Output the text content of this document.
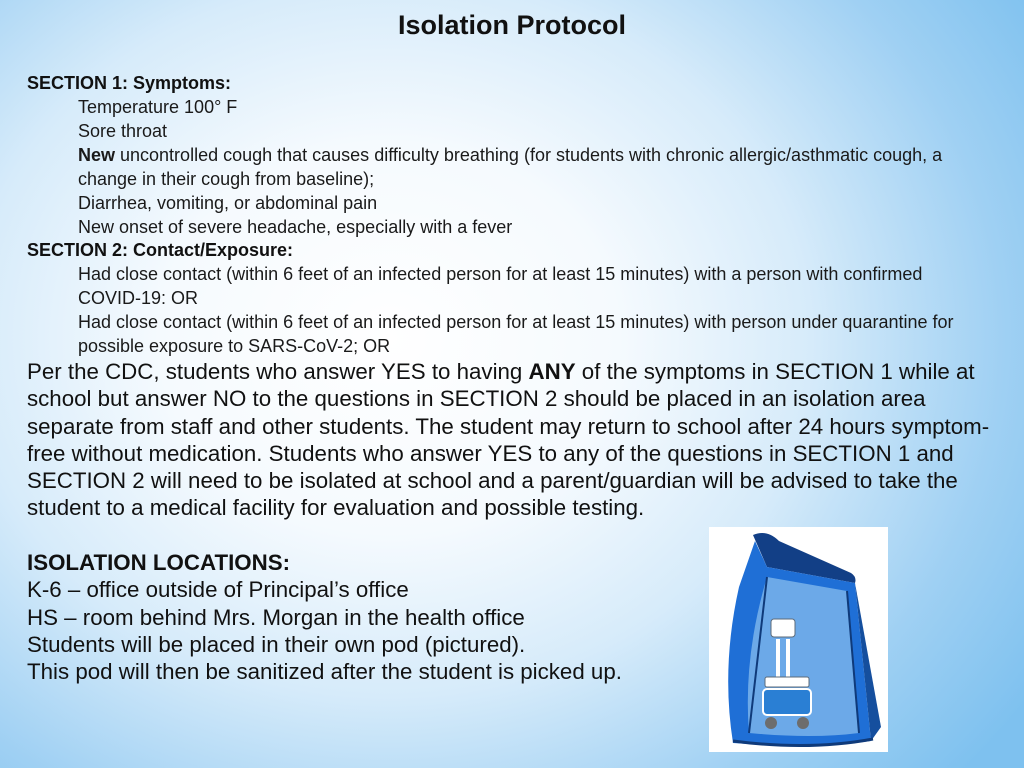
Isolation Protocol
SECTION 1: Symptoms:
Temperature 100° F
Sore throat
New uncontrolled cough that causes difficulty breathing (for students with chronic allergic/asthmatic cough, a change in their cough from baseline);
Diarrhea, vomiting, or abdominal pain
New onset of severe headache, especially with a fever
SECTION 2: Contact/Exposure:
Had close contact (within 6 feet of an infected person for at least 15 minutes) with a person with confirmed COVID-19: OR
Had close contact (within 6 feet of an infected person for at least 15 minutes) with person under quarantine for possible exposure to SARS-CoV-2; OR
Per the CDC, students who answer YES to having ANY of the symptoms in SECTION 1 while at school but answer NO to the questions in SECTION 2 should be placed in an isolation area separate from staff and other students. The student may return to school after 24 hours symptom-free without medication. Students who answer YES to any of the questions in SECTION 1 and SECTION 2 will need to be isolated at school and a parent/guardian will be advised to take the student to a medical facility for evaluation and possible testing.
ISOLATION LOCATIONS:
K-6 – office outside of Principal’s office
HS – room behind Mrs. Morgan in the health office
Students will be placed in their own pod (pictured).
This pod will then be sanitized after the student is picked up.
